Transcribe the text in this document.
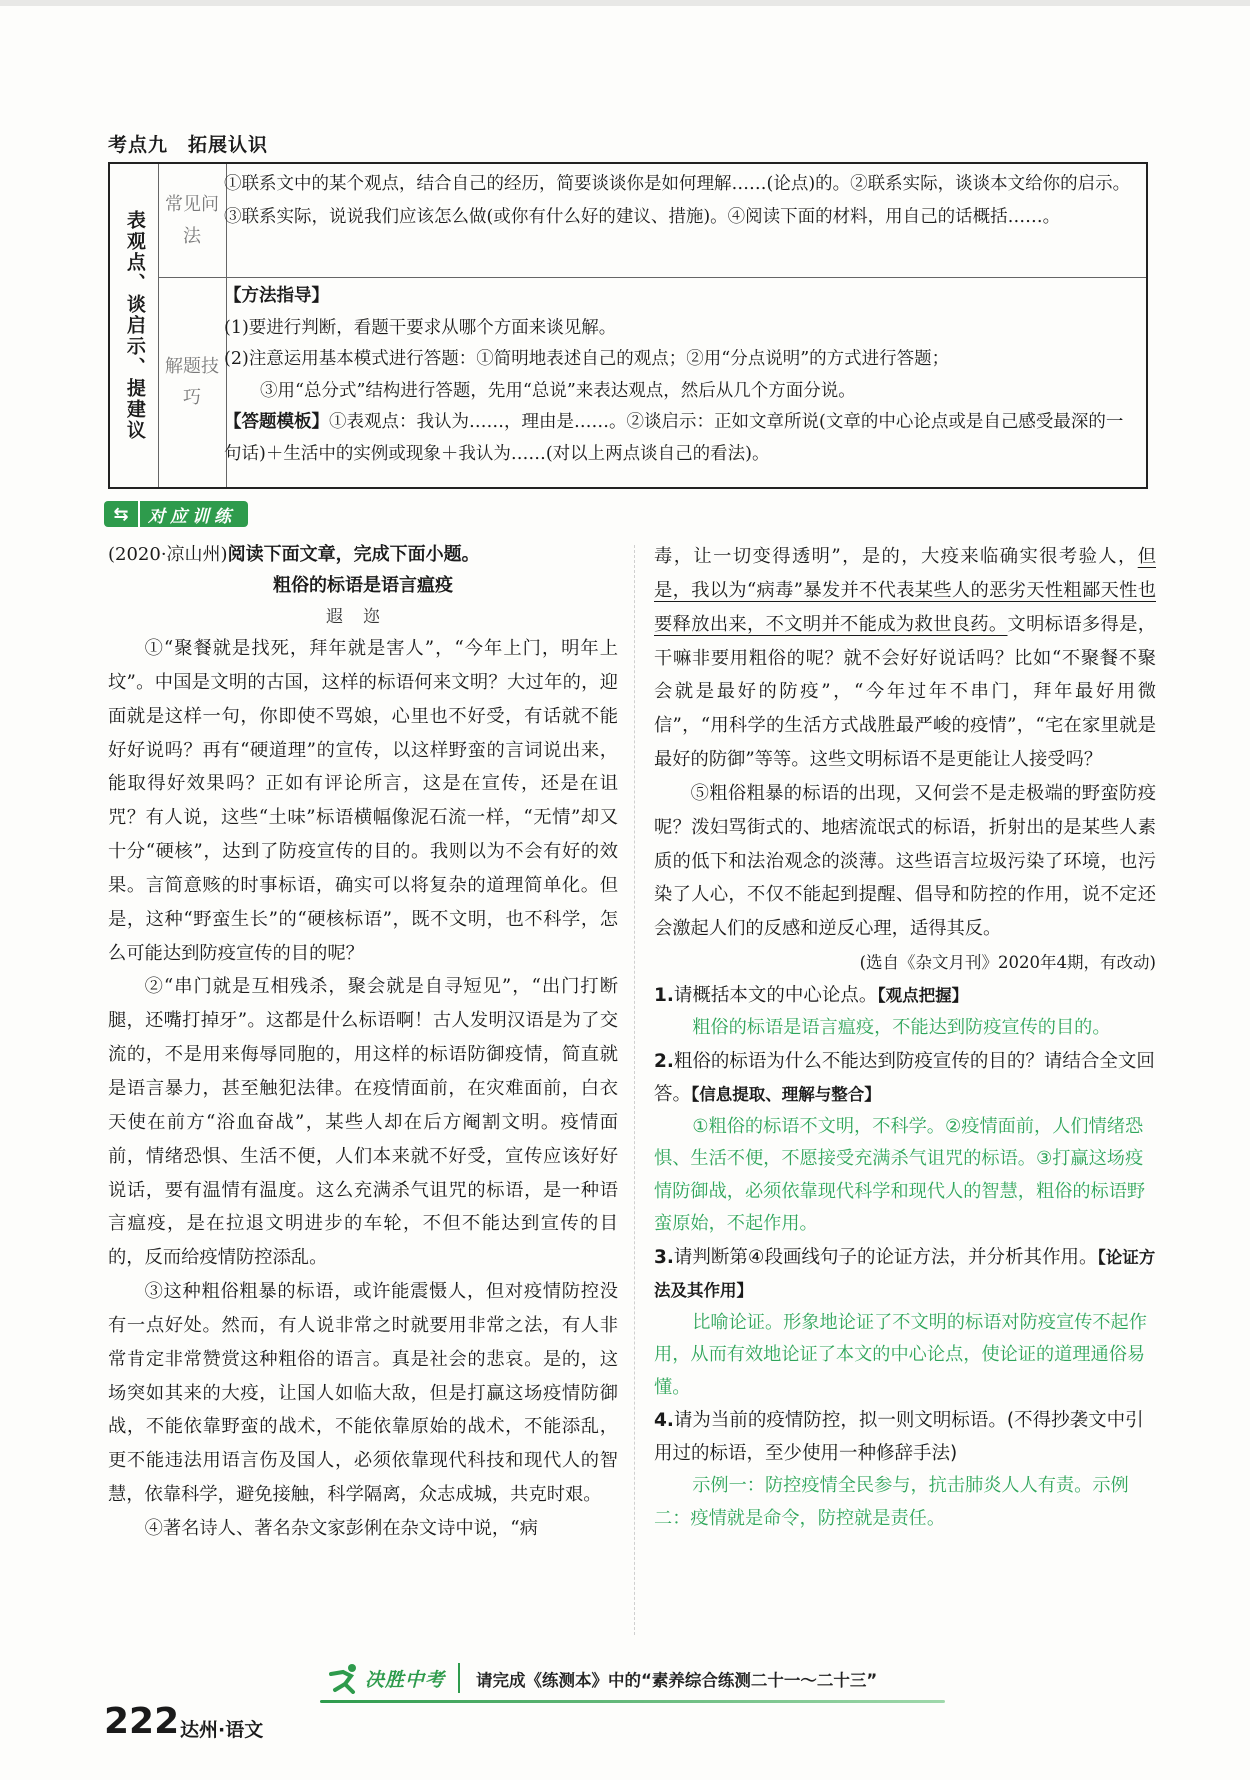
考点九　拓展认识
表观点、谈启示、提建议
常见问法
①联系文中的某个观点，结合自己的经历，简要谈谈你是如何理解……(论点)的。②联系实际，谈谈本文给你的启示。③联系实际，说说我们应该怎么做(或你有什么好的建议、措施)。④阅读下面的材料，用自己的话概括……。
解题技巧
【方法指导】
(1)要进行判断，看题干要求从哪个方面来谈见解。
(2)注意运用基本模式进行答题：①简明地表述自己的观点；②用“分点说明”的方式进行答题；
③用“总分式”结构进行答题，先用“总说”来表达观点，然后从几个方面分说。
【答题模板】①表观点：我认为……，理由是……。②谈启示：正如文章所说(文章的中心论点或是自己感受最深的一句话)＋生活中的实例或现象＋我认为……(对以上两点谈自己的看法)。
⇆	对应训练
(2020·凉山州)阅读下面文章，完成下面小题。
粗俗的标语是语言瘟疫
遐迩

①“聚餐就是找死，拜年就是害人”，“今年上门，明年上坟”。中国是文明的古国，这样的标语何来文明？大过年的，迎面就是这样一句，你即使不骂娘，心里也不好受，有话就不能好好说吗？再有“硬道理”的宣传，以这样野蛮的言词说出来，能取得好效果吗？正如有评论所言，这是在宣传，还是在诅咒？有人说，这些“土味”标语横幅像泥石流一样，“无情”却又十分“硬核”，达到了防疫宣传的目的。我则以为不会有好的效果。言简意赅的时事标语，确实可以将复杂的道理简单化。但是，这种“野蛮生长”的“硬核标语”，既不文明，也不科学，怎么可能达到防疫宣传的目的呢？

②“串门就是互相残杀，聚会就是自寻短见”，“出门打断腿，还嘴打掉牙”。这都是什么标语啊！古人发明汉语是为了交流的，不是用来侮辱同胞的，用这样的标语防御疫情，简直就是语言暴力，甚至触犯法律。在疫情面前，在灾难面前，白衣天使在前方“浴血奋战”，某些人却在后方阉割文明。疫情面前，情绪恐惧、生活不便，人们本来就不好受，宣传应该好好说话，要有温情有温度。这么充满杀气诅咒的标语，是一种语言瘟疫，是在拉退文明进步的车轮，不但不能达到宣传的目的，反而给疫情防控添乱。

③这种粗俗粗暴的标语，或许能震慑人，但对疫情防控没有一点好处。然而，有人说非常之时就要用非常之法，有人非常肯定非常赞赏这种粗俗的语言。真是社会的悲哀。是的，这场突如其来的大疫，让国人如临大敌，但是打赢这场疫情防御战，不能依靠野蛮的战术，不能依靠原始的战术，不能添乱，更不能违法用语言伤及国人，必须依靠现代科技和现代人的智慧，依靠科学，避免接触，科学隔离，众志成城，共克时艰。

④著名诗人、著名杂文家彭俐在杂文诗中说，“病

毒，让一切变得透明”，是的，大疫来临确实很考验人，但是，我以为“病毒”暴发并不代表某些人的恶劣天性粗鄙天性也要释放出来，不文明并不能成为救世良药。文明标语多得是，干嘛非要用粗俗的呢？就不会好好说话吗？比如“不聚餐不聚会就是最好的防疫”，“今年过年不串门，拜年最好用微信”，“用科学的生活方式战胜最严峻的疫情”，“宅在家里就是最好的防御”等等。这些文明标语不是更能让人接受吗？

⑤粗俗粗暴的标语的出现，又何尝不是走极端的野蛮防疫呢？泼妇骂街式的、地痞流氓式的标语，折射出的是某些人素质的低下和法治观念的淡薄。这些语言垃圾污染了环境，也污染了人心，不仅不能起到提醒、倡导和防控的作用，说不定还会激起人们的反感和逆反心理，适得其反。

(选自《杂文月刊》2020年4期，有改动)

1.请概括本文的中心论点。【观点把握】

粗俗的标语是语言瘟疫，不能达到防疫宣传的目的。

2.粗俗的标语为什么不能达到防疫宣传的目的？请结合全文回答。【信息提取、理解与整合】

①粗俗的标语不文明，不科学。②疫情面前，人们情绪恐惧、生活不便，不愿接受充满杀气诅咒的标语。③打赢这场疫情防御战，必须依靠现代科学和现代人的智慧，粗俗的标语野蛮原始，不起作用。

3.请判断第④段画线句子的论证方法，并分析其作用。【论证方法及其作用】

比喻论证。形象地论证了不文明的标语对防疫宣传不起作用，从而有效地论证了本文的中心论点，使论证的道理通俗易懂。

4.请为当前的疫情防控，拟一则文明标语。(不得抄袭文中引用过的标语，至少使用一种修辞手法)

示例一：防控疫情全民参与，抗击肺炎人人有责。示例二：疫情就是命令，防控就是责任。

决胜中考 请完成《练测本》中的“素养综合练测二十一～二十三”
222 达州·语文
